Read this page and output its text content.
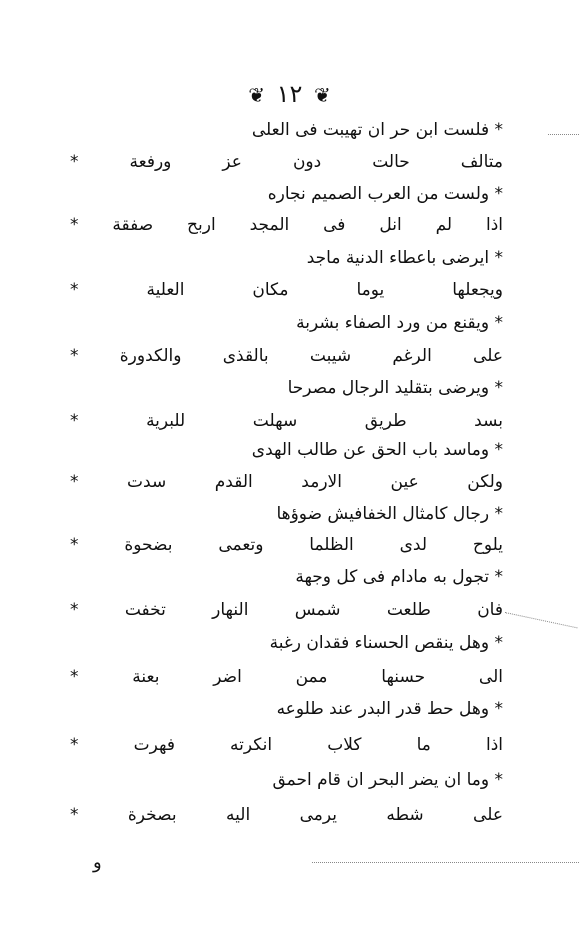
❦ ١٢ ❦
* فلست ابن حر ان تهيبت فى العلى
متالف حالت دون عز ورفعة *
* ولست من العرب الصميم نجاره
اذا لم انل فى المجد اربح صفقة *
* ايرضى باعطاء الدنية ماجد
ويجعلها يوما مكان العلية *
* ويقنع من ورد الصفاء بشربة
على الرغم شيبت بالقذى والكدورة *
* ويرضى بتقليد الرجال مصرحا
بسد طريق سهلت للبرية *
* وماسد باب الحق عن طالب الهدى
ولكن عين الارمد القدم سدت *
* رجال كامثال الخفافيش ضوؤها
يلوح لدى الظلما وتعمى بضحوة *
* تجول به مادام فى كل وجهة
فان طلعت شمس النهار تخفت *
* وهل ينقص الحسناء فقدان رغبة
الى حسنها ممن اضر بعنة *
* وهل حط قدر البدر عند طلوعه
اذا ما كلاب انكرته فهرت *
* وما ان يضر البحر ان قام احمق
على شطه يرمى اليه بصخرة *
و
